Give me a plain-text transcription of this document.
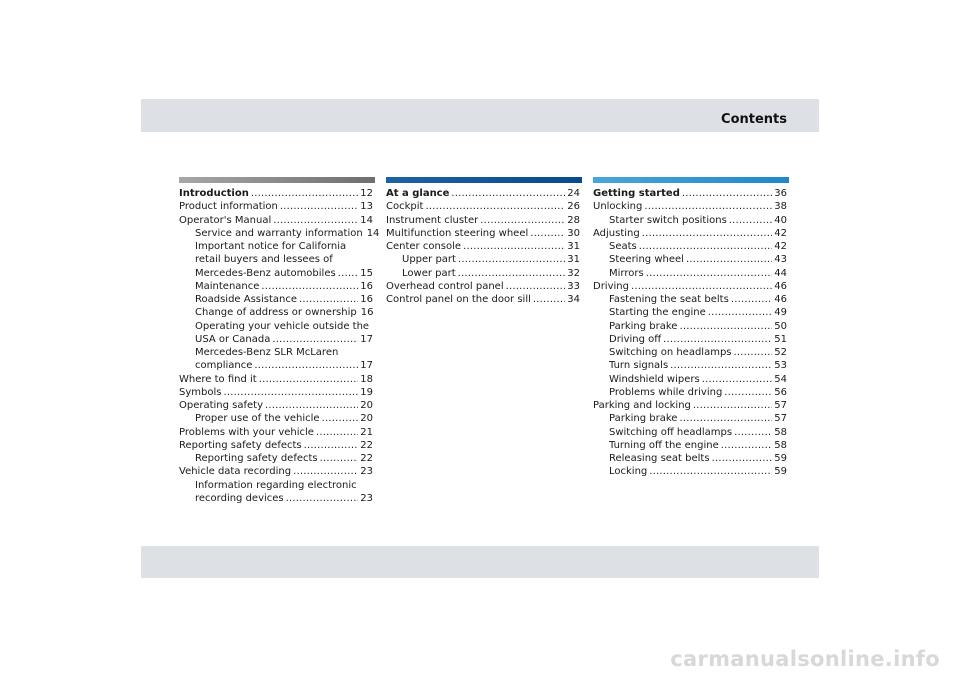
Contents
Introduction .....	12
Product information .....	13
Operator's Manual .....	14
Service and warranty information 14
Important notice for California
retail buyers and lessees of
Mercedes-Benz automobiles ..... 15
Maintenance .....	16
Roadside Assistance .....	16
Change of address or ownership 16
Operating your vehicle outside the
USA or Canada .....	17
Mercedes-Benz SLR McLaren
compliance .....	17
Where to find it .....	18
Symbols .....	19
Operating safety .....	20
Proper use of the vehicle .....	20
Problems with your vehicle .....	21
Reporting safety defects .....	22
Reporting safety defects .....	22
Vehicle data recording .....	23
Information regarding electronic
recording devices .....	23
At a glance .....	24
Cockpit .....	26
Instrument cluster .....	28
Multifunction steering wheel .....	30
Center console .....	31
Upper part .....	31
Lower part .....	32
Overhead control panel .....	33
Control panel on the door sill .....	34
Getting started .....	36
Unlocking .....	38
Starter switch positions .....	40
Adjusting .....	42
Seats .....	42
Steering wheel .....	43
Mirrors .....	44
Driving .....	46
Fastening the seat belts .....	46
Starting the engine .....	49
Parking brake .....	50
Driving off .....	51
Switching on headlamps .....	52
Turn signals .....	53
Windshield wipers .....	54
Problems while driving .....	56
Parking and locking .....	57
Parking brake .....	57
Switching off headlamps .....	58
Turning off the engine .....	58
Releasing seat belts .....	59
Locking .....	59
carmanualsonline.info
